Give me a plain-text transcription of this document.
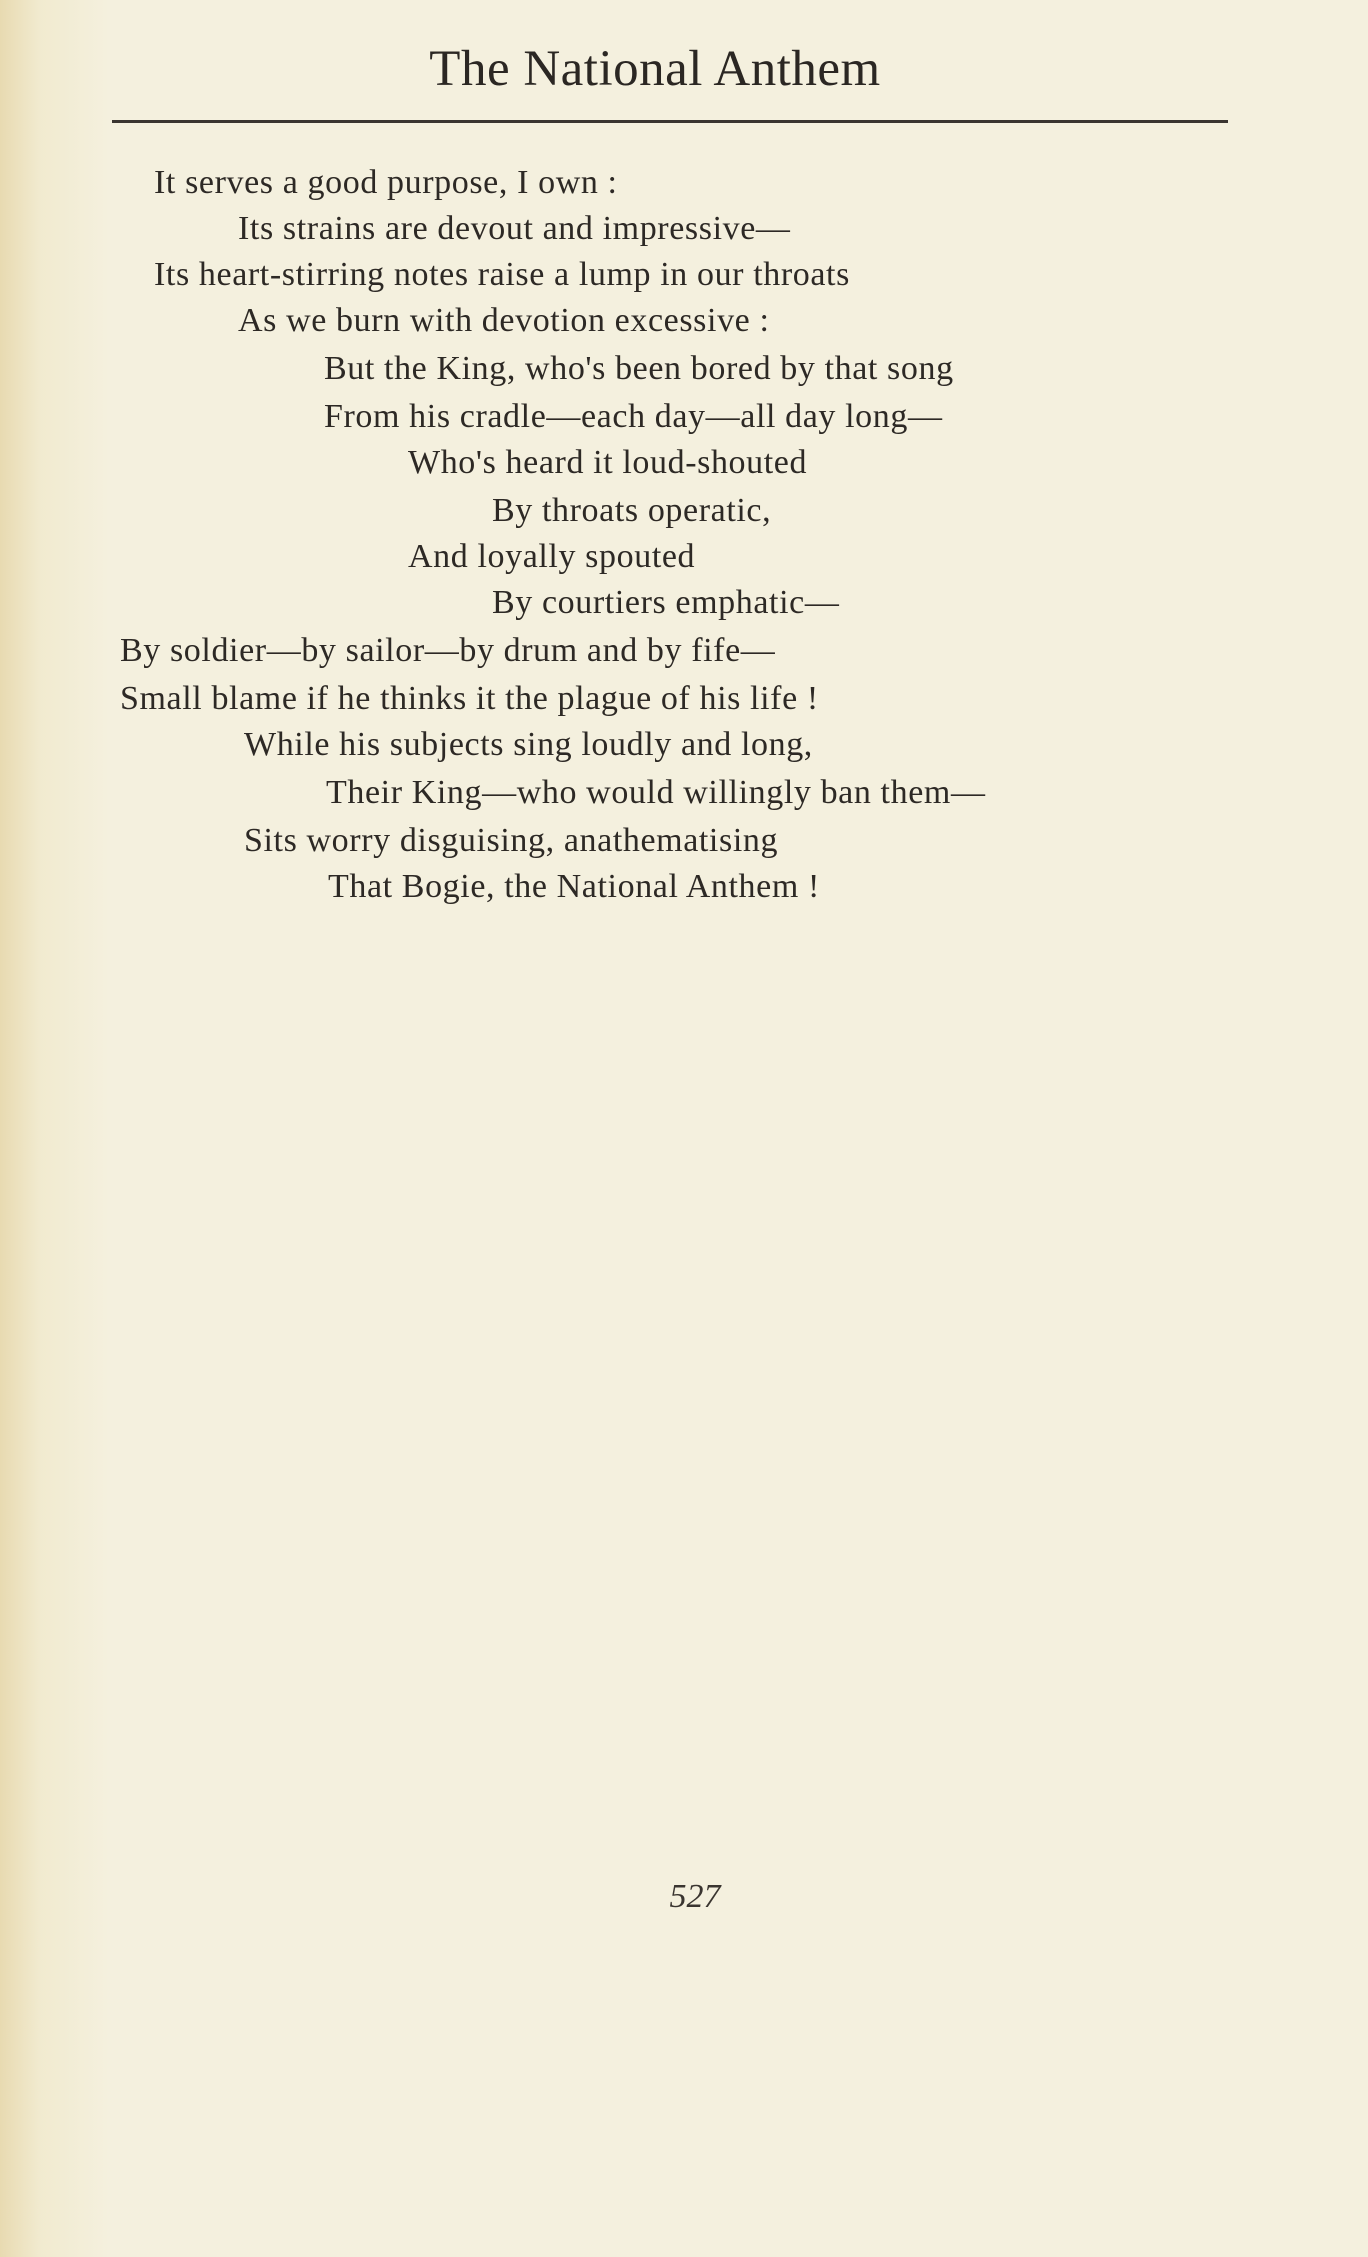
The National Anthem
It serves a good purpose, I own :
Its strains are devout and impressive—
Its heart-stirring notes raise a lump in our throats
As we burn with devotion excessive :
But the King, who's been bored by that song
From his cradle—each day—all day long—
Who's heard it loud-shouted
By throats operatic,
And loyally spouted
By courtiers emphatic—
By soldier—by sailor—by drum and by fife—
Small blame if he thinks it the plague of his life !
While his subjects sing loudly and long,
Their King—who would willingly ban them—
Sits worry disguising, anathematising
That Bogie, the National Anthem !
527
